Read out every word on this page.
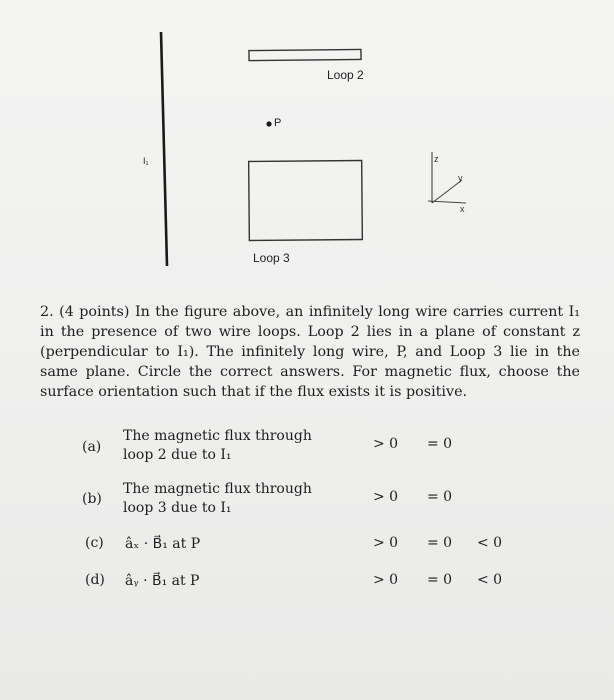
Loop 2
P
I₁
Loop 3
z
y
x
2. (4 points) In the figure above, an infinitely long wire carries current I₁ in the presence of two wire loops. Loop 2 lies in a plane of constant z (perpendicular to I₁). The infinitely long wire, P, and Loop 3 lie in the same plane. Circle the correct answers. For magnetic flux, choose the surface orientation such that if the flux exists it is positive.
(a)
The magnetic flux through loop 2 due to I₁
> 0 = 0
(b)
The magnetic flux through loop 3 due to I₁
> 0 = 0
(c) âₓ · B⃗₁ at P	> 0 = 0 < 0
(d) âᵧ · B⃗₁ at P	> 0 = 0 < 0
